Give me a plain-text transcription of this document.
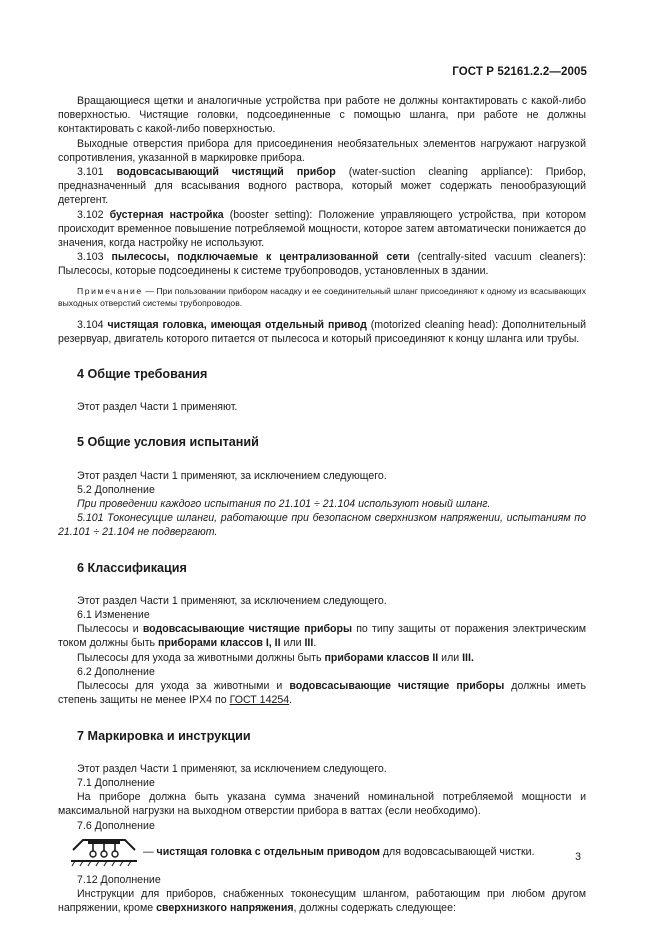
ГОСТ Р 52161.2.2—2005

Вращающиеся щетки и аналогичные устройства при работе не должны контактировать с какой-либо поверхностью. Чистящие головки, подсоединенные с помощью шланга, при работе не должны контактировать с какой-либо поверхностью.

Выходные отверстия прибора для присоединения необязательных элементов нагружают нагрузкой сопротивления, указанной в маркировке прибора.

3.101 водовсасывающий чистящий прибор (water-suction cleaning appliance): Прибор, предназначенный для всасывания водного раствора, который может содержать пенообразующий детергент.

3.102 бустерная настройка (booster setting): Положение управляющего устройства, при котором происходит временное повышение потребляемой мощности, которое затем автоматически понижается до значения, когда настройку не используют.

3.103 пылесосы, подключаемые к централизованной сети (centrally-sited vacuum cleaners): Пылесосы, которые подсоединены к системе трубопроводов, установленных в здании.

Примечание — При пользовании прибором насадку и ее соединительный шланг присоединяют к одному из всасывающих выходных отверстий системы трубопроводов.

3.104 чистящая головка, имеющая отдельный привод (motorized cleaning head): Дополнительный резервуар, двигатель которого питается от пылесоса и который присоединяют к концу шланга или трубы.

4 Общие требования

Этот раздел Части 1 применяют.

5 Общие условия испытаний

Этот раздел Части 1 применяют, за исключением следующего.

5.2 Дополнение

При проведении каждого испытания по 21.101 ÷ 21.104 используют новый шланг.

5.101 Токонесущие шланги, работающие при безопасном сверхнизком напряжении, испытаниям по 21.101 ÷ 21.104 не подвергают.

6 Классификация

Этот раздел Части 1 применяют, за исключением следующего.

6.1 Изменение

Пылесосы и водовсасывающие чистящие приборы по типу защиты от поражения электрическим током должны быть приборами классов I, II или III.

Пылесосы для ухода за животными должны быть приборами классов II или III.

6.2 Дополнение

Пылесосы для ухода за животными и водовсасывающие чистящие приборы должны иметь степень защиты не менее IPX4 по ГОСТ 14254.

7 Маркировка и инструкции

Этот раздел Части 1 применяют, за исключением следующего.

7.1 Дополнение

На приборе должна быть указана сумма значений номинальной потребляемой мощности и максимальной нагрузки на выходном отверстии прибора в ваттах (если необходимо).

7.6 Дополнение

— чистящая головка с отдельным приводом для водовсасывающей чистки.

7.12 Дополнение

Инструкции для приборов, снабженных токонесущим шлангом, работающим при любом другом напряжении, кроме сверхнизкого напряжения, должны содержать следующее:

3
